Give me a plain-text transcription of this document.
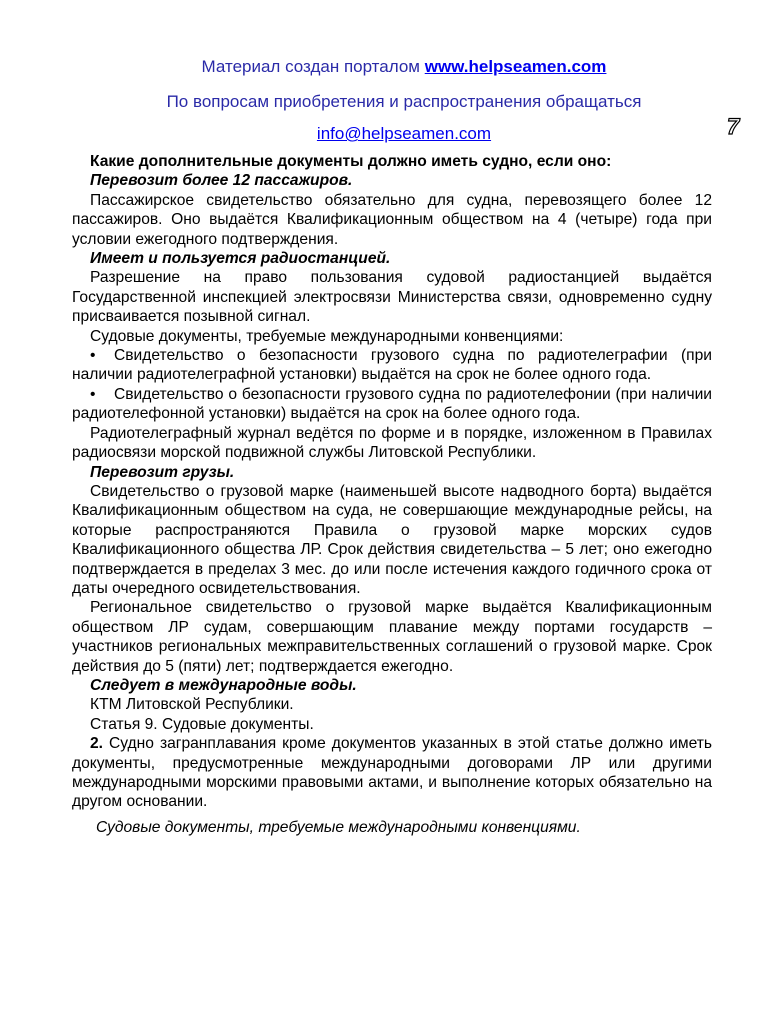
Материал создан порталом www.helpseamen.com
По вопросам приобретения и распространения обращаться
info@helpseamen.com	7

Какие дополнительные документы должно иметь судно, если оно:

Перевозит более 12 пассажиров.

Пассажирское свидетельство обязательно для судна, перевозящего более 12 пассажиров. Оно выдаётся Квалификационным обществом на 4 (четыре) года при условии ежегодного подтверждения.

Имеет и пользуется радиостанцией.

Разрешение на право пользования судовой радиостанцией выдаётся Государственной инспекцией электросвязи Министерства связи, одновременно судну присваивается позывной сигнал.

Судовые документы, требуемые международными конвенциями:

• Свидетельство о безопасности грузового судна по радиотелеграфии (при наличии радиотелеграфной установки) выдаётся на срок не более одного года.

• Свидетельство о безопасности грузового судна по радиотелефонии (при наличии радиотелефонной установки) выдаётся на срок на более одного года.

Радиотелеграфный журнал ведётся по форме и в порядке, изложенном в Правилах радиосвязи морской подвижной службы Литовской Республики.

Перевозит грузы.

Свидетельство о грузовой марке (наименьшей высоте надводного борта) выдаётся Квалификационным обществом на суда, не совершающие международные рейсы, на которые распространяются Правила о грузовой марке морских судов Квалификационного общества ЛР. Срок действия свидетельства – 5 лет; оно ежегодно подтверждается в пределах 3 мес. до или после истечения каждого годичного срока от даты очередного освидетельствования.

Региональное свидетельство о грузовой марке выдаётся Квалификационным обществом ЛР судам, совершающим плавание между портами государств – участников региональных межправительственных соглашений о грузовой марке. Срок действия до 5 (пяти) лет; подтверждается ежегодно.

Следует в международные воды.

КТМ Литовской Республики.

Статья 9. Судовые документы.

2. Судно загранплавания кроме документов указанных в этой статье должно иметь документы, предусмотренные международными договорами ЛР или другими международными морскими правовыми актами, и выполнение которых обязательно на другом основании.

Судовые документы, требуемые международными конвенциями.
